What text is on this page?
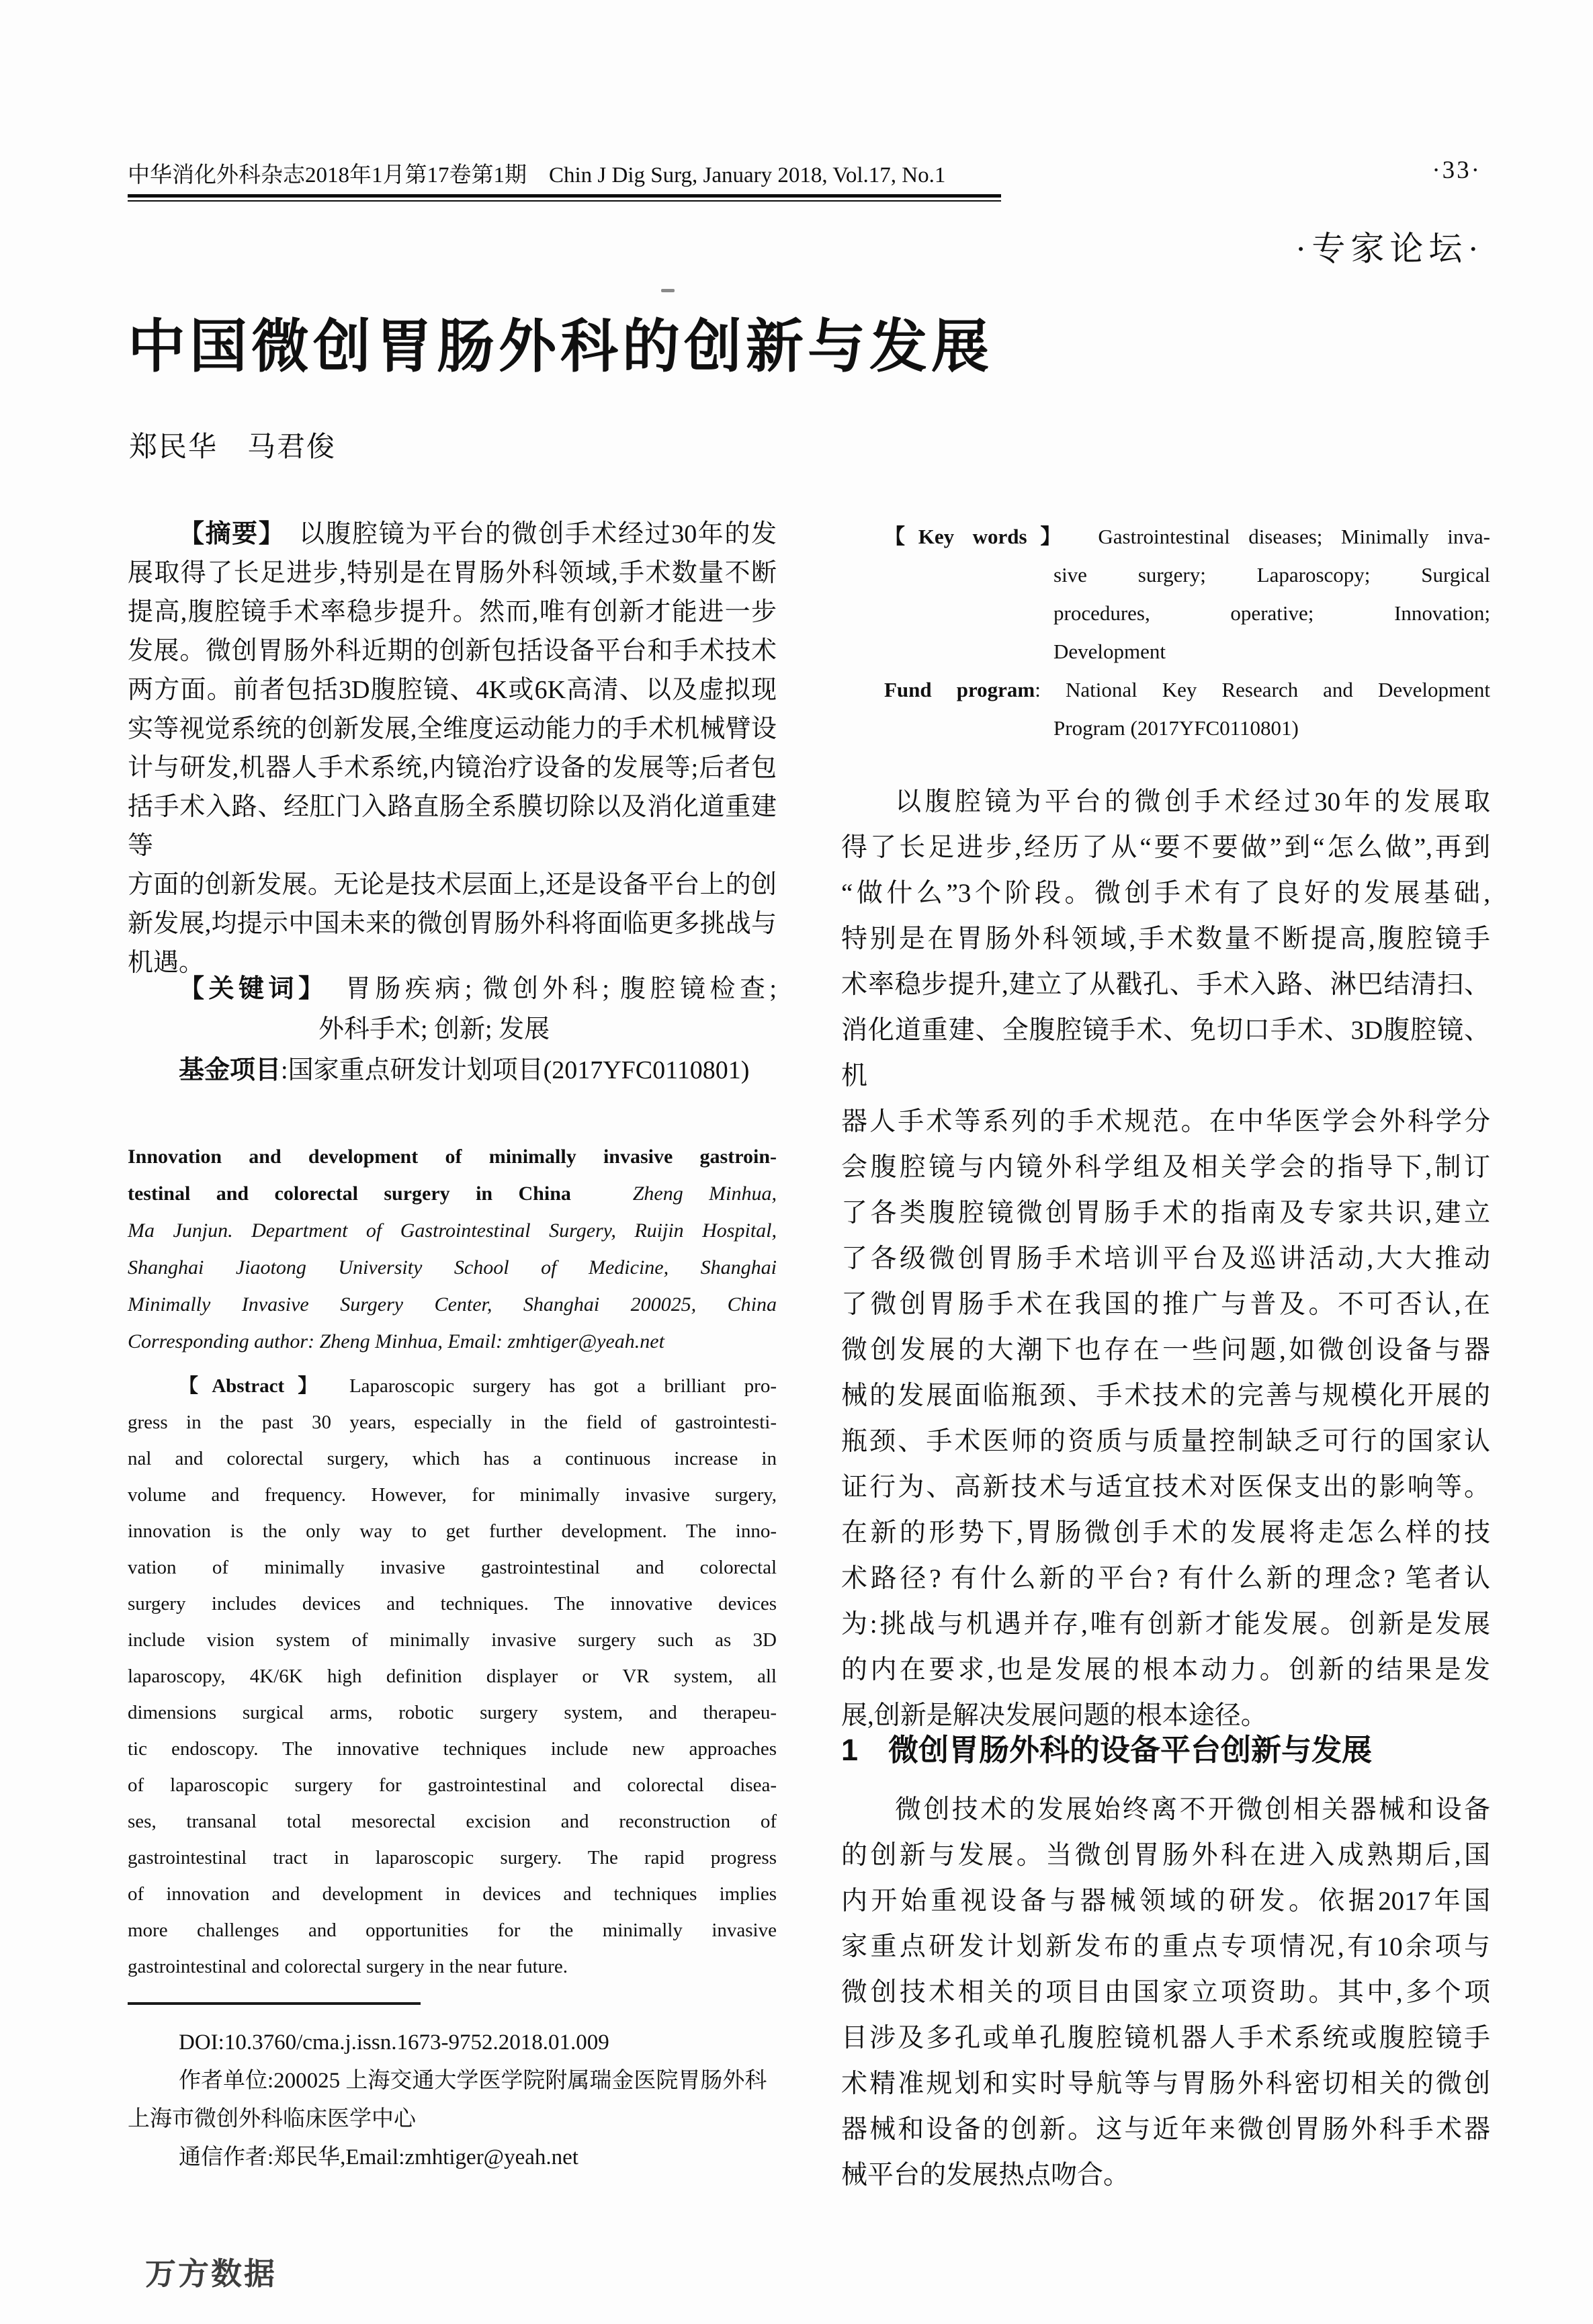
中华消化外科杂志2018年1月第17卷第1期　Chin J Dig Surg, January 2018, Vol.17, No.1	·33·
·专家论坛·
中国微创胃肠外科的创新与发展
郑民华　马君俊
【摘要】　以腹腔镜为平台的微创手术经过30年的发
展取得了长足进步,特别是在胃肠外科领域,手术数量不断
提高,腹腔镜手术率稳步提升。然而,唯有创新才能进一步
发展。微创胃肠外科近期的创新包括设备平台和手术技术
两方面。前者包括3D腹腔镜、4K或6K高清、以及虚拟现
实等视觉系统的创新发展,全维度运动能力的手术机械臂设
计与研发,机器人手术系统,内镜治疗设备的发展等;后者包
括手术入路、经肛门入路直肠全系膜切除以及消化道重建等
方面的创新发展。无论是技术层面上,还是设备平台上的创
新发展,均提示中国未来的微创胃肠外科将面临更多挑战与
机遇。
【关键词】　胃肠疾病; 微创外科; 腹腔镜检查;
外科手术; 创新; 发展
基金项目:国家重点研发计划项目(2017YFC0110801)
Innovation and development of minimally invasive gastroin-
testinal and colorectal surgery in China　	Zheng Minhua,
Ma Junjun. Department of Gastrointestinal Surgery, Ruijin Hospital,
Shanghai Jiaotong University School of Medicine, Shanghai
Minimally Invasive Surgery Center, Shanghai 200025, China
Corresponding author: Zheng Minhua, Email: zmhtiger@yeah.net
【Abstract】 Laparoscopic surgery has got a brilliant pro-
gress in the past 30 years, especially in the field of gastrointesti-
nal and colorectal surgery, which has a continuous increase in
volume and frequency. However, for minimally invasive surgery,
innovation is the only way to get further development. The inno-
vation of minimally invasive gastrointestinal and colorectal
surgery includes devices and techniques. The innovative devices
include vision system of minimally invasive surgery such as 3D
laparoscopy, 4K/6K high definition displayer or VR system, all
dimensions surgical arms, robotic surgery system, and therapeu-
tic endoscopy. The innovative techniques include new approaches
of laparoscopic surgery for gastrointestinal and colorectal disea-
ses, transanal total mesorectal excision and reconstruction of
gastrointestinal tract in laparoscopic surgery. The rapid progress
of innovation and development in devices and techniques implies
more challenges and opportunities for the minimally invasive
gastrointestinal and colorectal surgery in the near future.
DOI:10.3760/cma.j.issn.1673-9752.2018.01.009
作者单位:200025 上海交通大学医学院附属瑞金医院胃肠外科
上海市微创外科临床医学中心
通信作者:郑民华,Email:zmhtiger@yeah.net
【Key words】　Gastrointestinal diseases; Minimally inva-
sive surgery; Laparoscopy; Surgical
procedures, operative; Innovation;
Development
Fund program: National Key Research and Development
Program (2017YFC0110801)
以腹腔镜为平台的微创手术经过30年的发展取
得了长足进步,经历了从“要不要做”到“怎么做”,再到
“做什么”3个阶段。微创手术有了良好的发展基础,
特别是在胃肠外科领域,手术数量不断提高,腹腔镜手
术率稳步提升,建立了从戳孔、手术入路、淋巴结清扫、
消化道重建、全腹腔镜手术、免切口手术、3D腹腔镜、机
器人手术等系列的手术规范。在中华医学会外科学分
会腹腔镜与内镜外科学组及相关学会的指导下,制订
了各类腹腔镜微创胃肠手术的指南及专家共识,建立
了各级微创胃肠手术培训平台及巡讲活动,大大推动
了微创胃肠手术在我国的推广与普及。不可否认,在
微创发展的大潮下也存在一些问题,如微创设备与器
械的发展面临瓶颈、手术技术的完善与规模化开展的
瓶颈、手术医师的资质与质量控制缺乏可行的国家认
证行为、高新技术与适宜技术对医保支出的影响等。
在新的形势下,胃肠微创手术的发展将走怎么样的技
术路径? 有什么新的平台? 有什么新的理念? 笔者认
为:挑战与机遇并存,唯有创新才能发展。创新是发展
的内在要求,也是发展的根本动力。创新的结果是发
展,创新是解决发展问题的根本途径。
1　微创胃肠外科的设备平台创新与发展
微创技术的发展始终离不开微创相关器械和设备
的创新与发展。当微创胃肠外科在进入成熟期后,国
内开始重视设备与器械领域的研发。依据2017年国
家重点研发计划新发布的重点专项情况,有10余项与
微创技术相关的项目由国家立项资助。其中,多个项
目涉及多孔或单孔腹腔镜机器人手术系统或腹腔镜手
术精准规划和实时导航等与胃肠外科密切相关的微创
器械和设备的创新。这与近年来微创胃肠外科手术器
械平台的发展热点吻合。
万方数据
